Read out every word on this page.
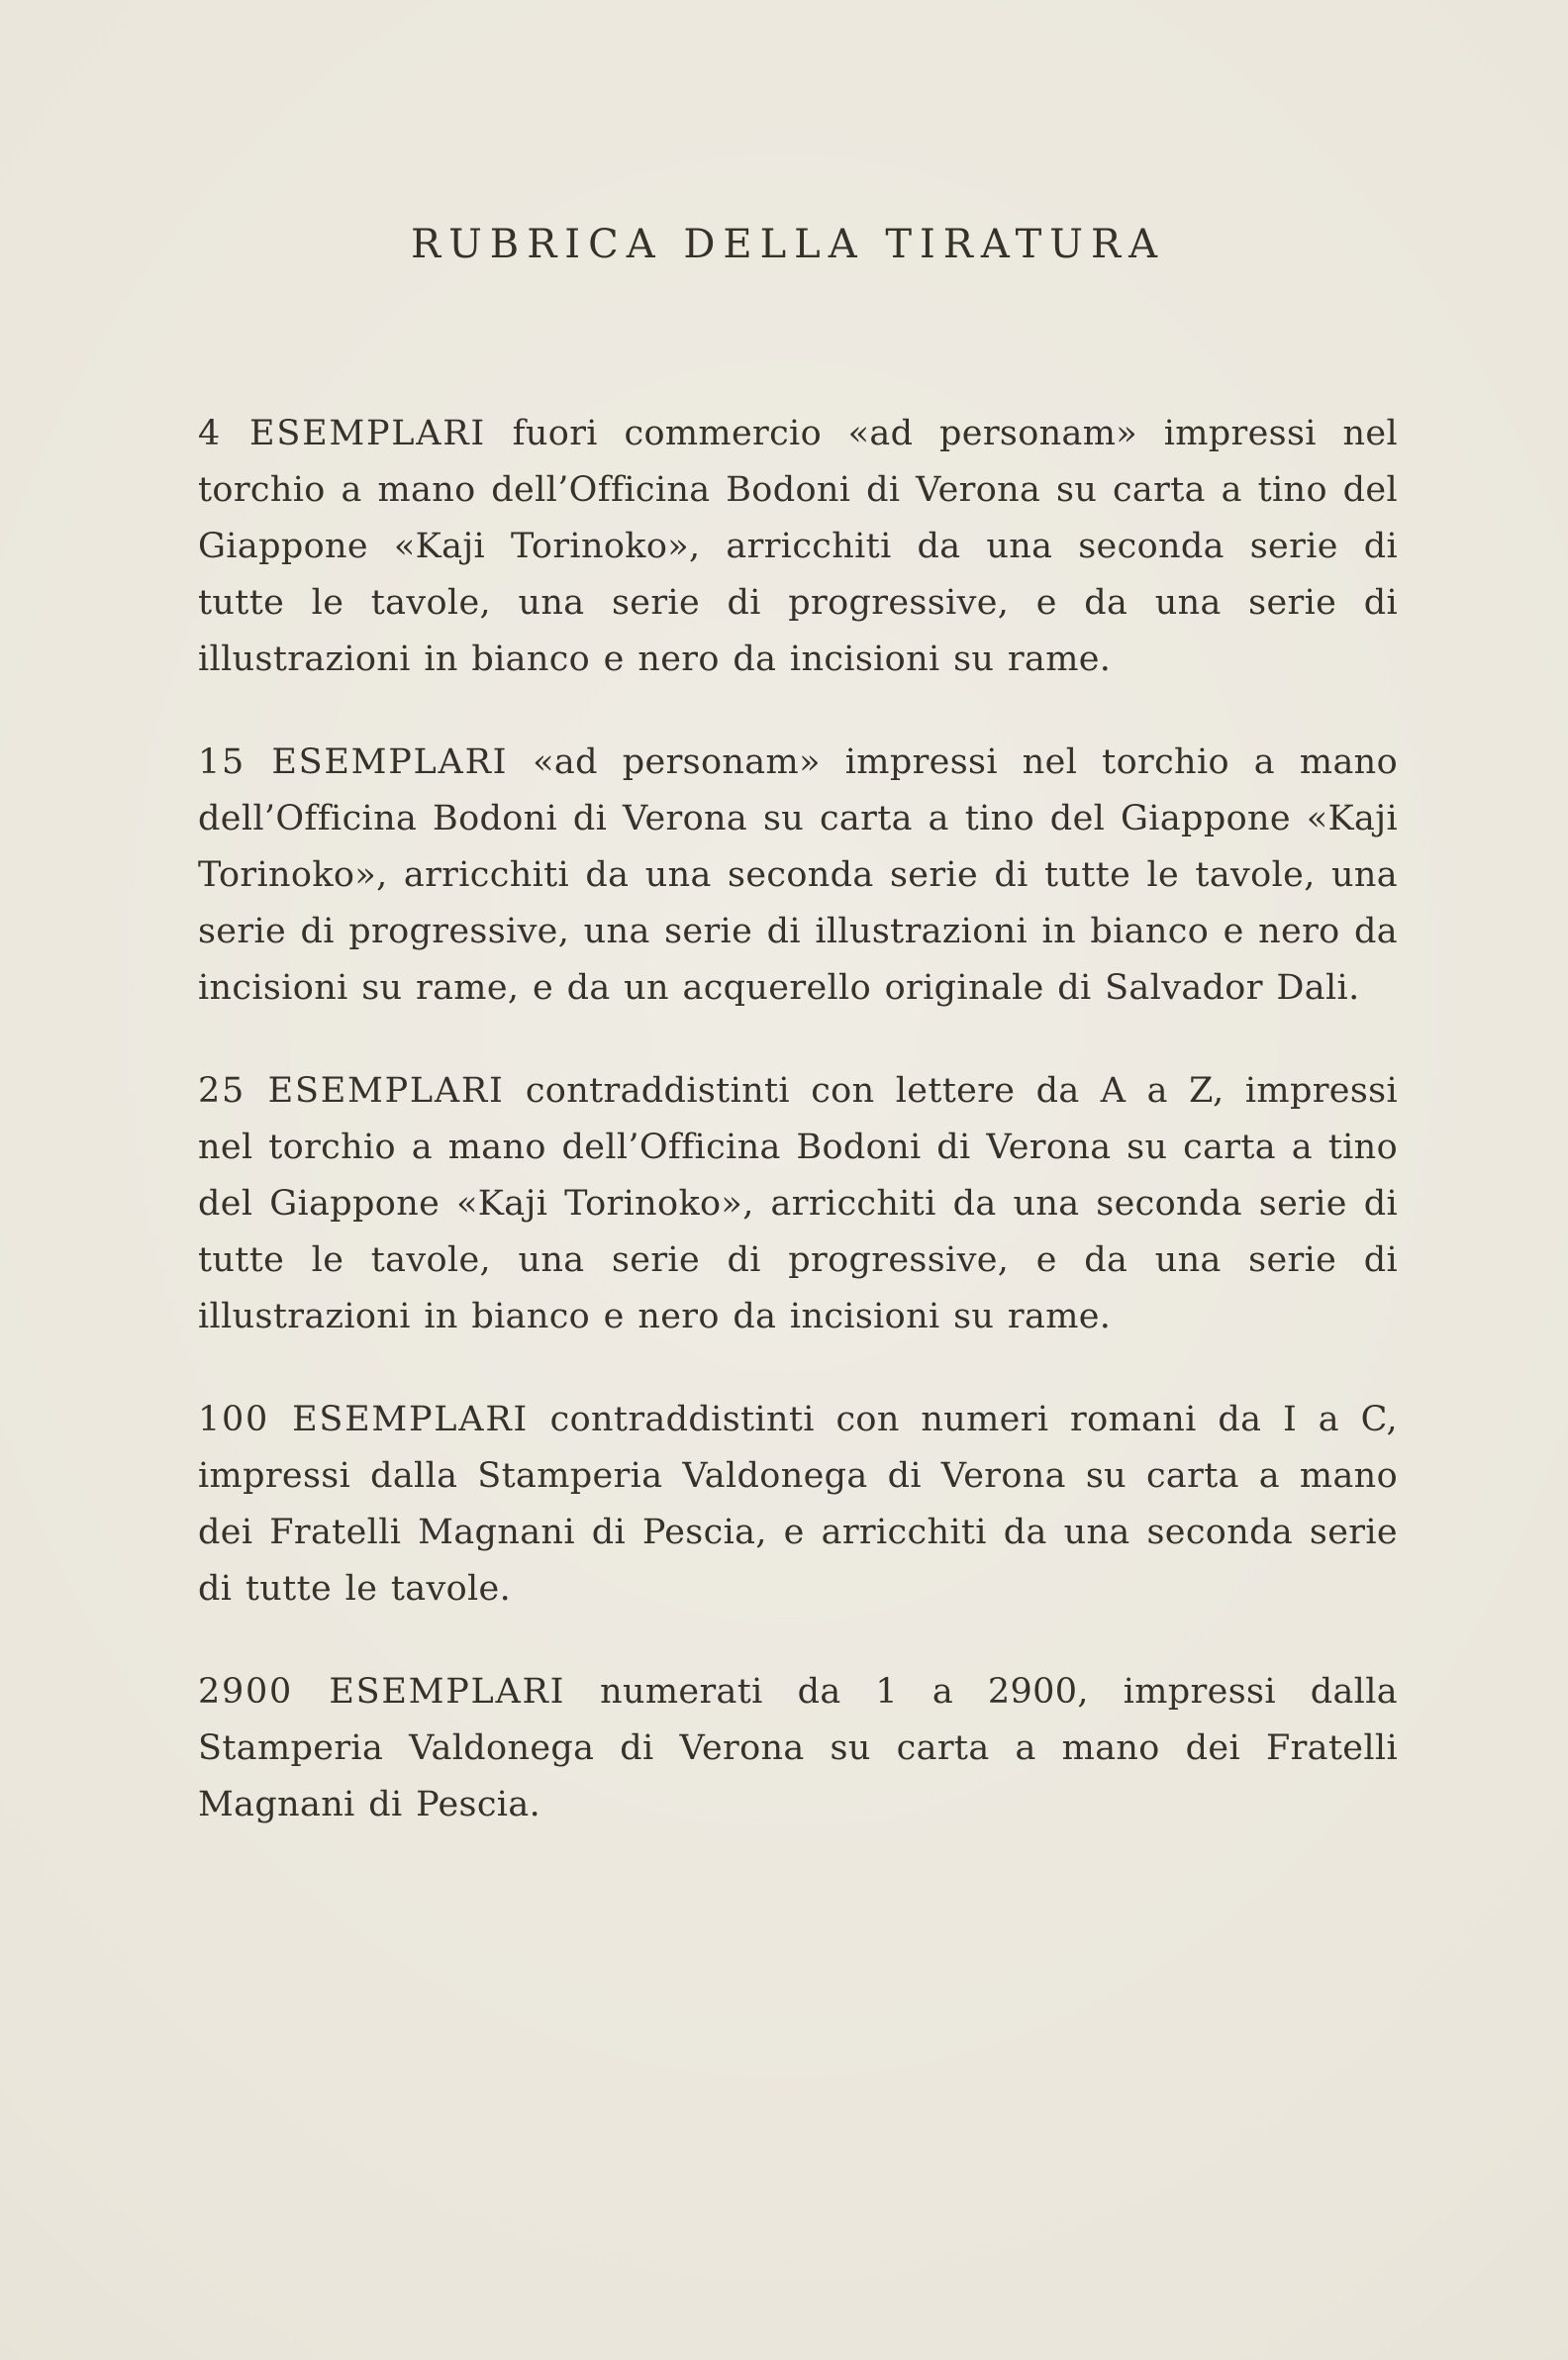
RUBRICA DELLA TIRATURA

4 ESEMPLARI fuori commercio «ad personam» impressi nel torchio a mano dell’Officina Bodoni di Verona su carta a tino del Giappone «Kaji Torinoko», arricchiti da una seconda serie di tutte le tavole, una serie di progressive, e da una serie di illustrazioni in bianco e nero da incisioni su rame.

15 ESEMPLARI «ad personam» impressi nel torchio a mano dell’Officina Bodoni di Verona su carta a tino del Giappone «Kaji Torinoko», arricchiti da una seconda serie di tutte le tavole, una serie di progressive, una serie di illustrazioni in bianco e nero da incisioni su rame, e da un acquerello originale di Salvador Dali.

25 ESEMPLARI contraddistinti con lettere da A a Z, impressi nel torchio a mano dell’Officina Bodoni di Verona su carta a tino del Giappone «Kaji Torinoko», arricchiti da una seconda serie di tutte le tavole, una serie di progressive, e da una serie di illustrazioni in bianco e nero da incisioni su rame.

100 ESEMPLARI contraddistinti con numeri romani da I a C, impressi dalla Stamperia Valdonega di Verona su carta a mano dei Fratelli Magnani di Pescia, e arricchiti da una seconda serie di tutte le tavole.

2900 ESEMPLARI numerati da 1 a 2900, impressi dalla Stamperia Valdonega di Verona su carta a mano dei Fratelli Magnani di Pescia.
